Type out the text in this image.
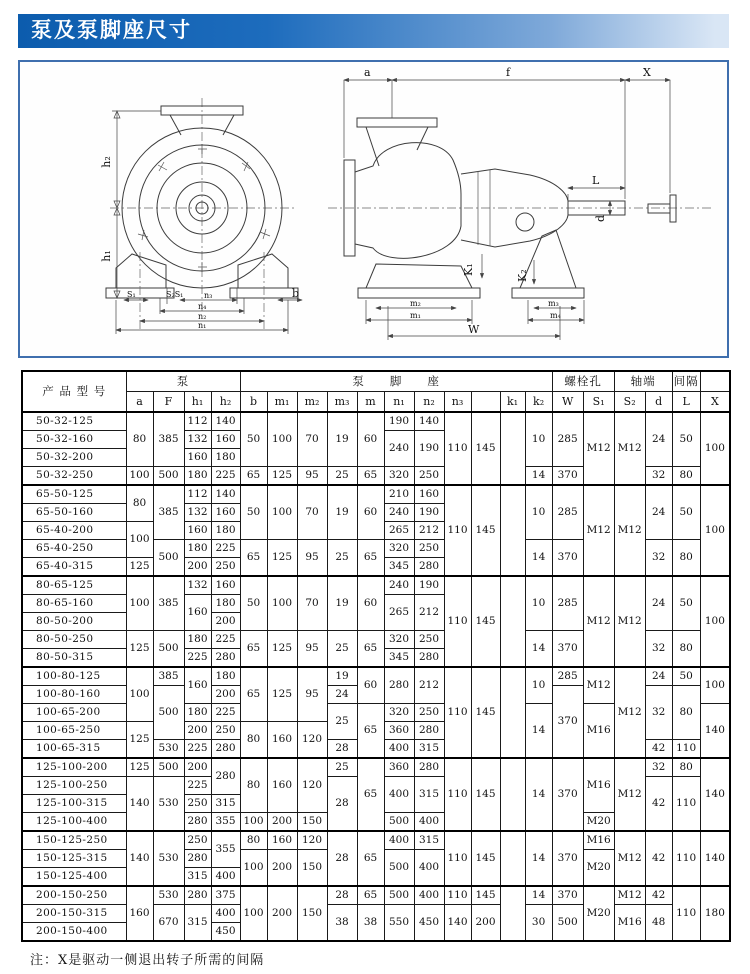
泵及泵脚座尺寸
h₂
h₁
S₁	S₂S₁	n₃
n₄
n₂
n₁
b
a	f	X
L
d
K₁	K₂
m₂
m₁
m₃
m₄
W
产 品 型 号	泵				泵　　脚　　座											螺栓孔		轴端		间隔	
	a	F	h₁	h₂	b	m₁	m₂	m₃	m	n₁	n₂	n₃		k₁	k₂	W	S₁	S₂	d	L	X
50-32-125	80	385	112	140	50	100	70	19	60	190	140	110	145		10	285	M12	M12	24	50	100
50-32-160			132	160						240	190										
50-32-200			160	180																	
50-32-250	100	500	180	225	65	125	95	25	65	320	250				14	370			32	80	
65-50-125	80	385	112	140	50	100	70	19	60	210	160	110	145		10	285	M12	M12	24	50	100
65-50-160			132	160						240	190										
65-40-200	100		160	180						265	212										
65-40-250		500	180	225	65	125	95	25	65	320	250				14	370			32	80	
65-40-315	125		200	250						345	280										
80-65-125	100	385	132	160	50	100	70	19	60	240	190	110	145		10	285	M12	M12	24	50	100
80-65-160			160	180						265	212										
80-50-200				200																	
80-50-250	125	500	180	225	65	125	95	25	65	320	250				14	370			32	80	
80-50-315			225	280						345	280										
100-80-125	100	385	160	180	65	125	95	19	60	280	212	110	145		10	285	M12	M12	24	50	100
100-80-160		500		200				24								370			32	80	
100-65-200			180	225				25	65	320	250				14		M16				140
100-65-250	125		200	250	80	160	120			360	280										
100-65-315		530	225	280				28		400	315								42	110	
125-100-200	125	500	200	280	80	160	120	25	65	360	280	110	145		14	370	M16	M12	32	80	140
125-100-250	140	530	225					28		400	315								42	110	
125-100-315			250	315																	
125-100-400			280	355	100	200	150			500	400						M20				
150-125-250	140	530	250	355	80	160	120	28	65	400	315	110	145		14	370	M16	M12	42	110	140
150-125-315			280		100	200	150			500	400						M20				
150-125-400			315	400																	
200-150-250	160	530	280	375	100	200	150	28	65	500	400	110	145		14	370	M20	M12	42	110	180
200-150-315		670	315	400				38	38	550	450	140	200		30	500		M16	48		
200-150-400				450																	
注：X是驱动一侧退出转子所需的间隔
